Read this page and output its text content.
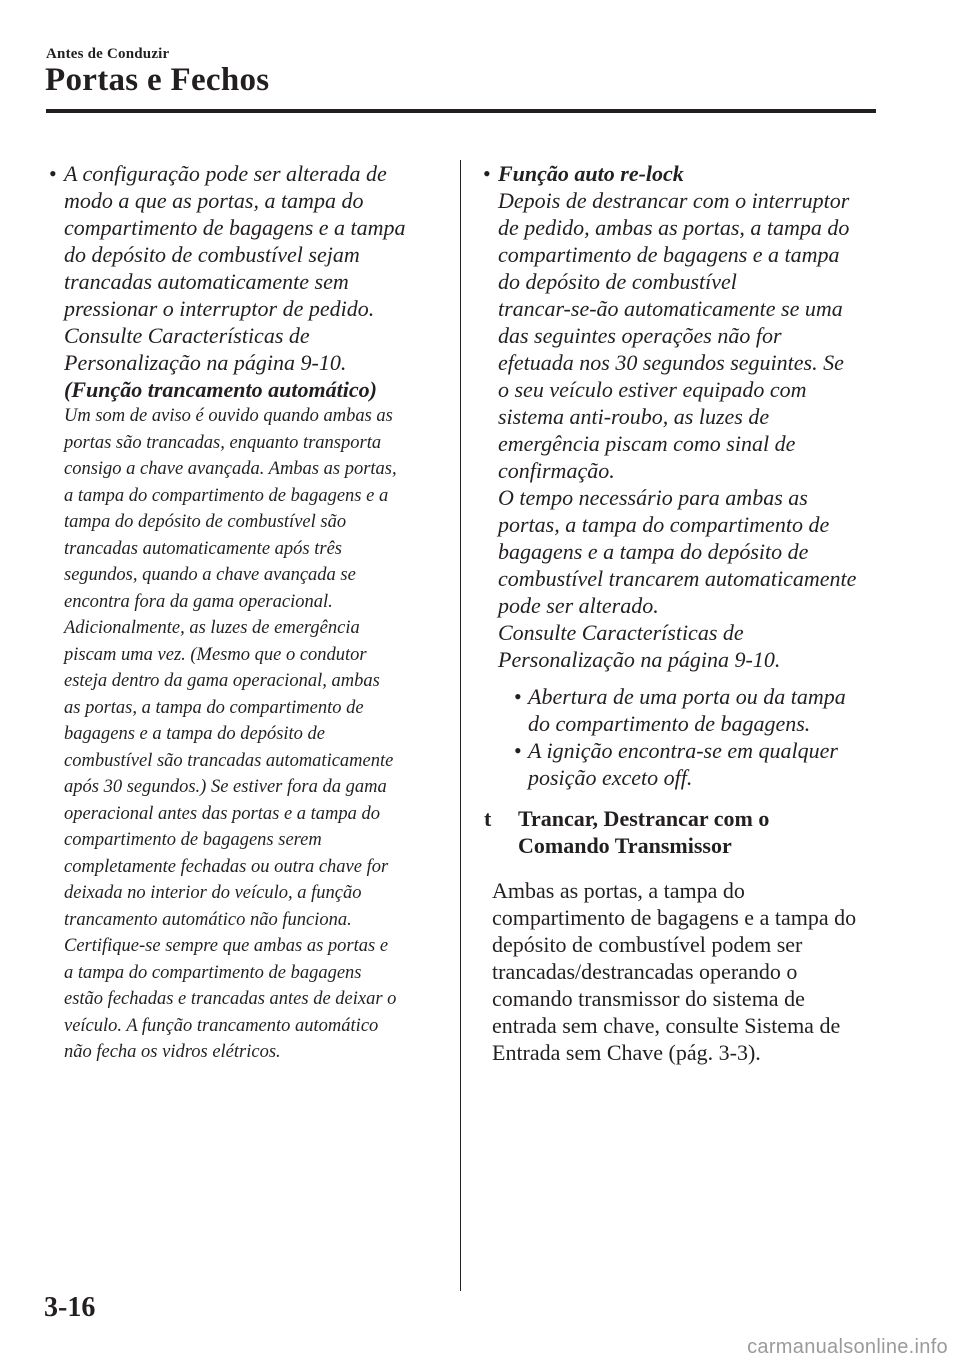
Antes de Conduzir
Portas e Fechos
• A configuração pode ser alterada de

modo a que as portas, a tampa do

compartimento de bagagens e a tampa

do depósito de combustível sejam

trancadas automaticamente sem

pressionar o interruptor de pedido.

Consulte Características de

Personalização na página 9-10.

(Função trancamento automático)

Um som de aviso é ouvido quando ambas as

portas são trancadas, enquanto transporta

consigo a chave avançada. Ambas as portas,

a tampa do compartimento de bagagens e a

tampa do depósito de combustível são

trancadas automaticamente após três

segundos, quando a chave avançada se

encontra fora da gama operacional.

Adicionalmente, as luzes de emergência

piscam uma vez. (Mesmo que o condutor

esteja dentro da gama operacional, ambas

as portas, a tampa do compartimento de

bagagens e a tampa do depósito de

combustível são trancadas automaticamente

após 30 segundos.) Se estiver fora da gama

operacional antes das portas e a tampa do

compartimento de bagagens serem

completamente fechadas ou outra chave for

deixada no interior do veículo, a função

trancamento automático não funciona.

Certifique-se sempre que ambas as portas e

a tampa do compartimento de bagagens

estão fechadas e trancadas antes de deixar o

veículo. A função trancamento automático

não fecha os vidros elétricos.

• Função auto re-lock

Depois de destrancar com o interruptor

de pedido, ambas as portas, a tampa do

compartimento de bagagens e a tampa

do depósito de combustível

trancar-se-ão automaticamente se uma

das seguintes operações não for

efetuada nos 30 segundos seguintes. Se

o seu veículo estiver equipado com

sistema anti-roubo, as luzes de

emergência piscam como sinal de

confirmação.

O tempo necessário para ambas as

portas, a tampa do compartimento de

bagagens e a tampa do depósito de

combustível trancarem automaticamente

pode ser alterado.

Consulte Características de

Personalização na página 9-10.

• Abertura de uma porta ou da tampa

do compartimento de bagagens.

• A ignição encontra-se em qualquer

posição exceto off.

t Trancar, Destrancar com o
Comando Transmissor
Ambas as portas, a tampa do
compartimento de bagagens e a tampa do
depósito de combustível podem ser
trancadas/destrancadas operando o
comando transmissor do sistema de
entrada sem chave, consulte Sistema de
Entrada sem Chave (pág. 3-3).
3-16
carmanualsonline.info
